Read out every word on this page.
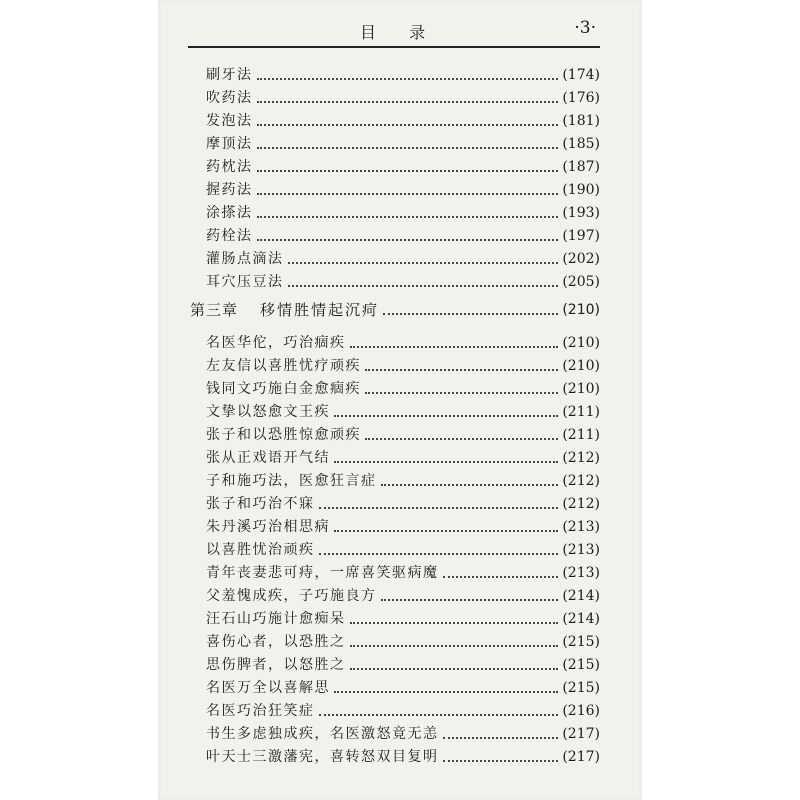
目 录	·3·
刷牙法	(174)
吹药法	(176)
发泡法	(181)
摩顶法	(185)
药枕法	(187)
握药法	(190)
涂搽法	(193)
药栓法	(197)
灌肠点滴法	(202)
耳穴压豆法	(205)
第三章 移情胜情起沉疴	(210)
名医华佗，巧治痼疾	(210)
左友信以喜胜忧疗顽疾	(210)
钱同文巧施白金愈痼疾	(210)
文挚以怒愈文王疾	(211)
张子和以恐胜惊愈顽疾	(211)
张从正戏语开气结	(212)
子和施巧法，医愈狂言症	(212)
张子和巧治不寐	(212)
朱丹溪巧治相思病	(213)
以喜胜忧治顽疾	(213)
青年丧妻悲可痔，一席喜笑驱病魔	(213)
父羞愧成疾，子巧施良方	(214)
汪石山巧施计愈痴呆	(214)
喜伤心者，以恐胜之	(215)
思伤脾者，以怒胜之	(215)
名医万全以喜解思	(215)
名医巧治狂笑症	(216)
书生多虑独成疾，名医激怒竟无恙	(217)
叶天士三激藩宪，喜转怒双目复明	(217)
